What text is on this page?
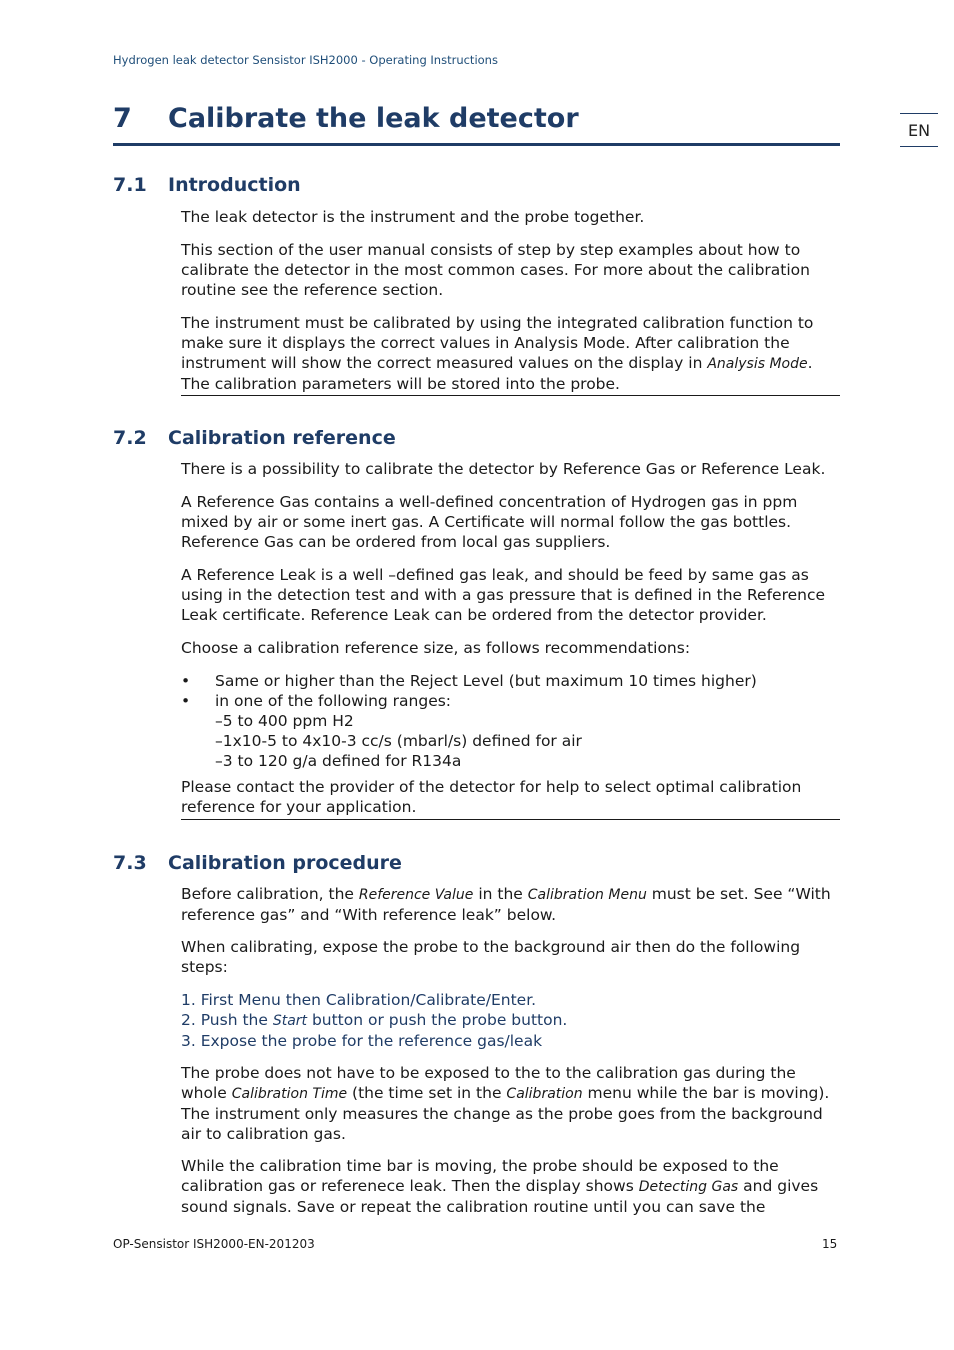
Hydrogen leak detector Sensistor ISH2000 - Operating Instructions
EN
7 Calibrate the leak detector
7.1 Introduction
The leak detector is the instrument and the probe together.
This section of the user manual consists of step by step examples about how to calibrate the detector in the most common cases. For more about the calibration routine see the reference section.
The instrument must be calibrated by using the integrated calibration function to make sure it displays the correct values in Analysis Mode. After calibration the instrument will show the correct measured values on the display in Analysis Mode. The calibration parameters will be stored into the probe.
7.2 Calibration reference
There is a possibility to calibrate the detector by Reference Gas or Reference Leak.
A Reference Gas contains a well-defined concentration of Hydrogen gas in ppm mixed by air or some inert gas. A Certificate will normal follow the gas bottles. Reference Gas can be ordered from local gas suppliers.
A Reference Leak is a well –defined gas leak, and should be feed by same gas as using in the detection test and with a gas pressure that is defined in the Reference Leak certificate. Reference Leak can be ordered from the detector provider.
Choose a calibration reference size, as follows recommendations:
• Same or higher than the Reject Level (but maximum 10 times higher)
• in one of the following ranges:
–5 to 400 ppm H2
–1x10-5 to 4x10-3 cc/s (mbarl/s) defined for air
–3 to 120 g/a defined for R134a
Please contact the provider of the detector for help to select optimal calibration reference for your application.
7.3 Calibration procedure
Before calibration, the Reference Value in the Calibration Menu must be set. See “With reference gas” and “With reference leak” below.
When calibrating, expose the probe to the background air then do the following steps:
1. First Menu then Calibration/Calibrate/Enter.
2. Push the Start button or push the probe button.
3. Expose the probe for the reference gas/leak
The probe does not have to be exposed to the to the calibration gas during the whole Calibration Time (the time set in the Calibration menu while the bar is moving). The instrument only measures the change as the probe goes from the background air to calibration gas.
While the calibration time bar is moving, the probe should be exposed to the calibration gas or referenece leak. Then the display shows Detecting Gas and gives sound signals. Save or repeat the calibration routine until you can save the
OP-Sensistor ISH2000-EN-201203	15
